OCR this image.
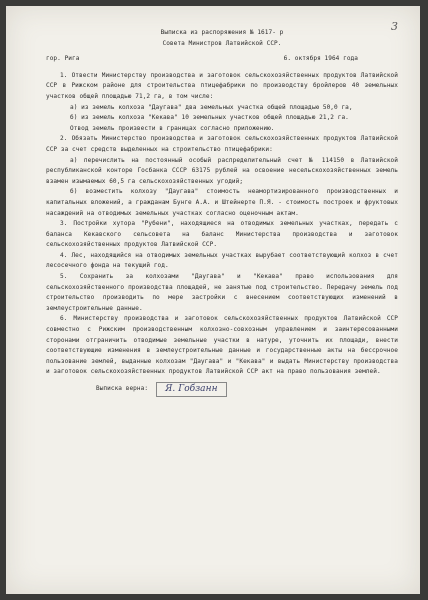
3
Выписка из распоряжения № 1617- р
Совета Министров Латвийской ССР.
гор. Рига	6. октября 1964 года

1. Отвести Министерству производства и заготовок сельскохозяйственных продуктов Латвийской ССР в Рижском районе для строительства птицефабрики по производству бройлеров 40 земельных участков общей площадью 71,2 га, в том числе:

а) из земель колхоза "Даугава" два земельных участка общей площадью 50,0 га,

б) из земель колхоза "Кекава" 10 земельных участков общей площадью 21,2 га.

Отвод земель произвести в границах согласно приложению.

2. Обязать Министерство производства и заготовок сельскохозяйственных продуктов Латвийской ССР за счет средств выделенных на строительство птицефабрики:

а) перечислить на постоянный особый распределительный счет № 114150 в Латвийской республиканской конторе Госбанка СССР 63175 рублей на освоение несельскохозяйственных земель взамен изымаемых 60,5 га сельскохозяйственных угодий;

б) возместить колхозу "Даугава" стоимость неамортизированного производственных и капитальных вложений, а гражданам Бунге А.А. и Штейнерте П.Я. - стоимость построек и фруктовых насаждений на отводимых земельных участках согласно оценочным актам.

3. Постройки хутора "Рубени", находящиеся на отводимых земельных участках, передать с баланса Кекавского сельсовета на баланс Министерства производства и заготовок сельскохозяйственных продуктов Латвийской ССР.

4. Лес, находящийся на отводимых земельных участках вырубает соответствующий колхоз в счет лесосечного фонда на текущий год.

5. Сохранить за колхозами "Даугава" и "Кекава" право использования для сельскохозяйственного производства площадей, не занятые под строительство. Передачу земель под строительство производить по мере застройки с внесением соответствующих изменений в землеустроительные данные.

6. Министерству производства и заготовок сельскохозяйственных продуктов Латвийской ССР совместно с Рижским производственным колхозно-совхозным управлением и заинтересованными сторонами отграничить отводимые земельные участки в натуре, уточнить их площади, внести соответствующие изменения в землеустроительные данные и государственные акты на бессрочное пользование землей, выданные колхозам "Даугава" и "Кекава" и выдать Министерству производства и заготовок сельскохозяйственных продуктов Латвийской ССР акт на право пользования землей.

Выписка верна:	Я. Гобзанн
